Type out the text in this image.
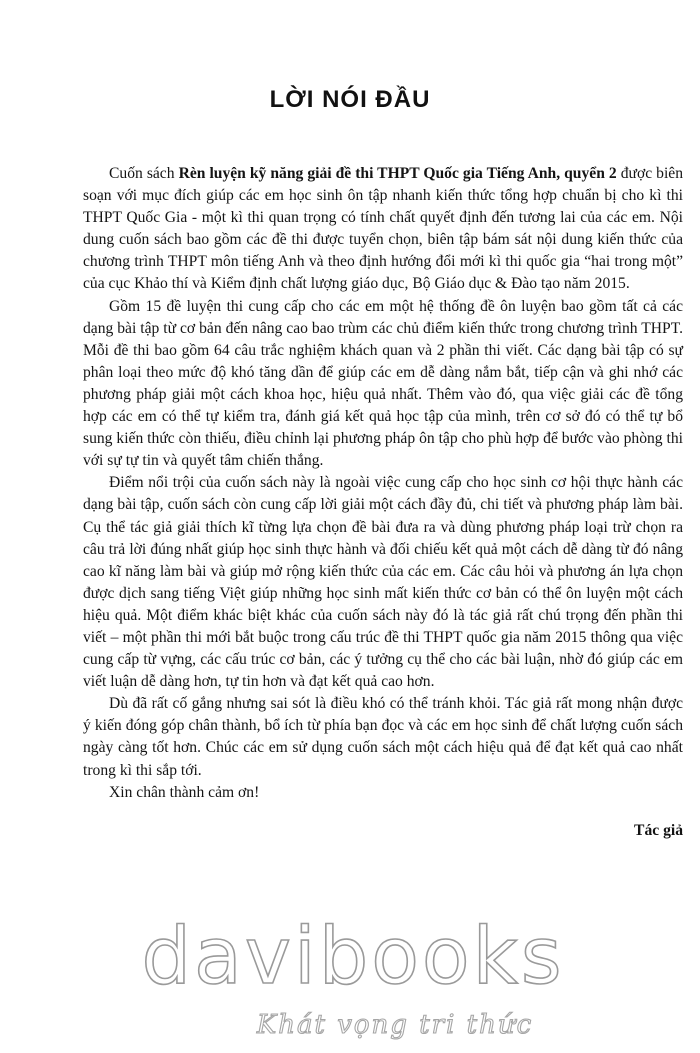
LỜI NÓI ĐẦU

Cuốn sách Rèn luyện kỹ năng giải đề thi THPT Quốc gia Tiếng Anh, quyển 2 được biên soạn với mục đích giúp các em học sinh ôn tập nhanh kiến thức tổng hợp chuẩn bị cho kì thi THPT Quốc Gia - một kì thi quan trọng có tính chất quyết định đến tương lai của các em. Nội dung cuốn sách bao gồm các đề thi được tuyển chọn, biên tập bám sát nội dung kiến thức của chương trình THPT môn tiếng Anh và theo định hướng đổi mới kì thi quốc gia “hai trong một” của cục Khảo thí và Kiểm định chất lượng giáo dục, Bộ Giáo dục & Đào tạo năm 2015.

Gồm 15 đề luyện thi cung cấp cho các em một hệ thống đề ôn luyện bao gồm tất cả các dạng bài tập từ cơ bản đến nâng cao bao trùm các chủ điểm kiến thức trong chương trình THPT. Mỗi đề thi bao gồm 64 câu trắc nghiệm khách quan và 2 phần thi viết. Các dạng bài tập có sự phân loại theo mức độ khó tăng dần để giúp các em dễ dàng nắm bắt, tiếp cận và ghi nhớ các phương pháp giải một cách khoa học, hiệu quả nhất. Thêm vào đó, qua việc giải các đề tổng hợp các em có thể tự kiểm tra, đánh giá kết quả học tập của mình, trên cơ sở đó có thể tự bổ sung kiến thức còn thiếu, điều chỉnh lại phương pháp ôn tập cho phù hợp để bước vào phòng thi với sự tự tin và quyết tâm chiến thắng.

Điểm nổi trội của cuốn sách này là ngoài việc cung cấp cho học sinh cơ hội thực hành các dạng bài tập, cuốn sách còn cung cấp lời giải một cách đầy đủ, chi tiết và phương pháp làm bài. Cụ thể tác giả giải thích kĩ từng lựa chọn đề bài đưa ra và dùng phương pháp loại trừ chọn ra câu trả lời đúng nhất giúp học sinh thực hành và đối chiếu kết quả một cách dễ dàng từ đó nâng cao kĩ năng làm bài và giúp mở rộng kiến thức của các em. Các câu hỏi và phương án lựa chọn được dịch sang tiếng Việt giúp những học sinh mất kiến thức cơ bản có thể ôn luyện một cách hiệu quả. Một điểm khác biệt khác của cuốn sách này đó là tác giả rất chú trọng đến phần thi viết – một phần thi mới bắt buộc trong cấu trúc đề thi THPT quốc gia năm 2015 thông qua việc cung cấp từ vựng, các cấu trúc cơ bản, các ý tưởng cụ thể cho các bài luận, nhờ đó giúp các em viết luận dễ dàng hơn, tự tin hơn và đạt kết quả cao hơn.

Dù đã rất cố gắng nhưng sai sót là điều khó có thể tránh khỏi. Tác giả rất mong nhận được ý kiến đóng góp chân thành, bổ ích từ phía bạn đọc và các em học sinh để chất lượng cuốn sách ngày càng tốt hơn. Chúc các em sử dụng cuốn sách một cách hiệu quả để đạt kết quả cao nhất trong kì thi sắp tới.

Xin chân thành cảm ơn!

Tác giả
davibooks
Khát vọng tri thức
